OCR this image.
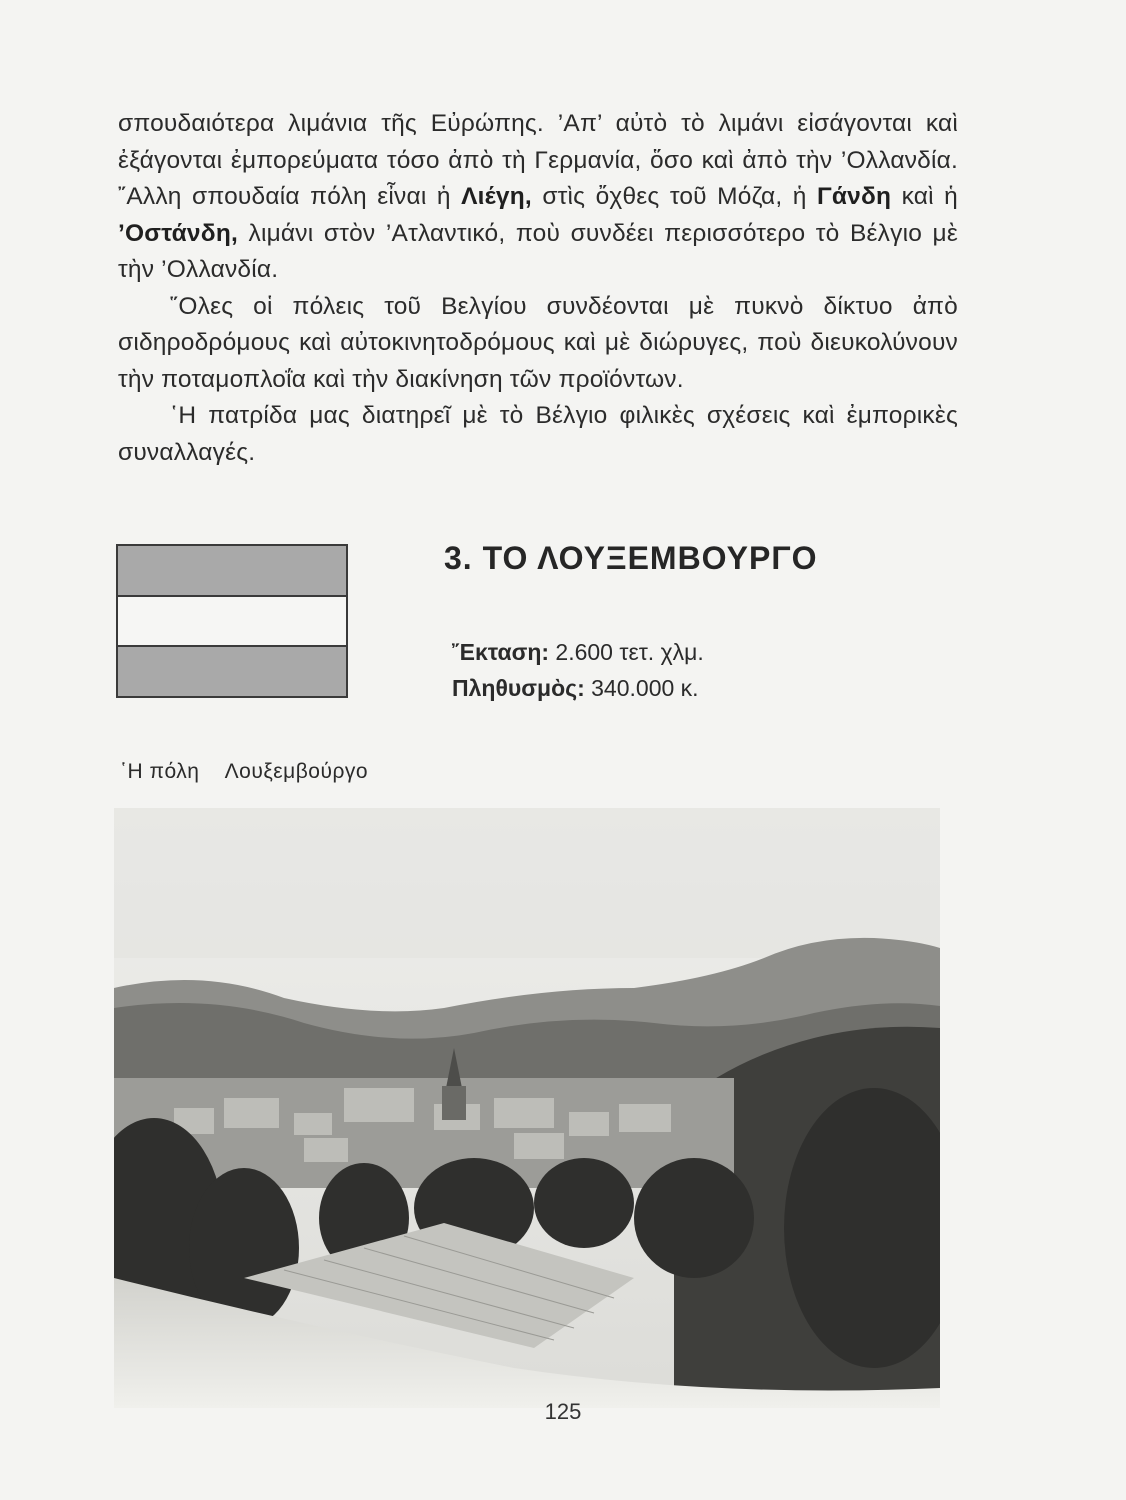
σπουδαιότερα λιμάνια τῆς Εὐρώπης. ’Απ’ αὐτὸ τὸ λιμάνι εἰσάγονται καὶ ἐξάγονται ἐμπορεύματα τόσο ἀπὸ τὴ Γερμανία, ὅσο καὶ ἀπὸ τὴν ’Ολλανδία. ῎Αλλη σπουδαία πόλη εἶναι ἡ Λιέγη, στὶς ὄχθες τοῦ Μόζα, ἡ Γάνδη καὶ ἡ ’Οστάνδη, λιμάνι στὸν ’Ατλαντικό, ποὺ συνδέει περισσότερο τὸ Βέλγιο μὲ τὴν ’Ολλανδία.

῞Ολες οἱ πόλεις τοῦ Βελγίου συνδέονται μὲ πυκνὸ δίκτυο ἀπὸ σιδηροδρόμους καὶ αὐτοκινητοδρόμους καὶ μὲ διώρυγες, ποὺ διευκολύνουν τὴν ποταμοπλοΐα καὶ τὴν διακίνηση τῶν προϊόντων.

῾Η πατρίδα μας διατηρεῖ μὲ τὸ Βέλγιο φιλικὲς σχέσεις καὶ ἐμπορικὲς συναλλαγές.

3. ΤΟ ΛΟΥΞΕΜΒΟΥΡΓΟ
῎Εκταση: 2.600 τετ. χλμ.
Πληθυσμὸς: 340.000 κ.
῾Η πόλη Λουξεμβούργο
125
